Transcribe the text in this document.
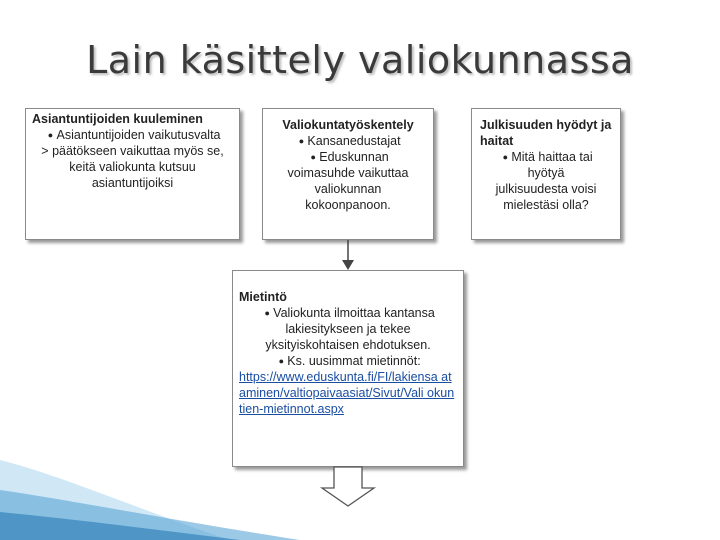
Lain käsittely valiokunnassa
Asiantuntijoiden kuuleminen
● Asiantuntijoiden vaikutusvalta > päätökseen vaikuttaa myös se, keitä valiokunta kutsuu asiantuntijoiksi
Valiokuntatyöskentely
● Kansanedustajat
● Eduskunnan voimasuhde vaikuttaa valiokunnan kokoonpanoon.
Julkisuuden hyödyt ja haitat
● Mitä haittaa tai hyötyä julkisuudesta voisi mielestäsi olla?
Mietintö
● Valiokunta ilmoittaa kantansa lakiesitykseen ja tekee yksityiskohtaisen ehdotuksen.
● Ks. uusimmat mietinnöt:
https://www.eduskunta.fi/FI/lakiensa ataminen/valtiopaivaasiat/Sivut/Vali okuntien-mietinnot.aspx
